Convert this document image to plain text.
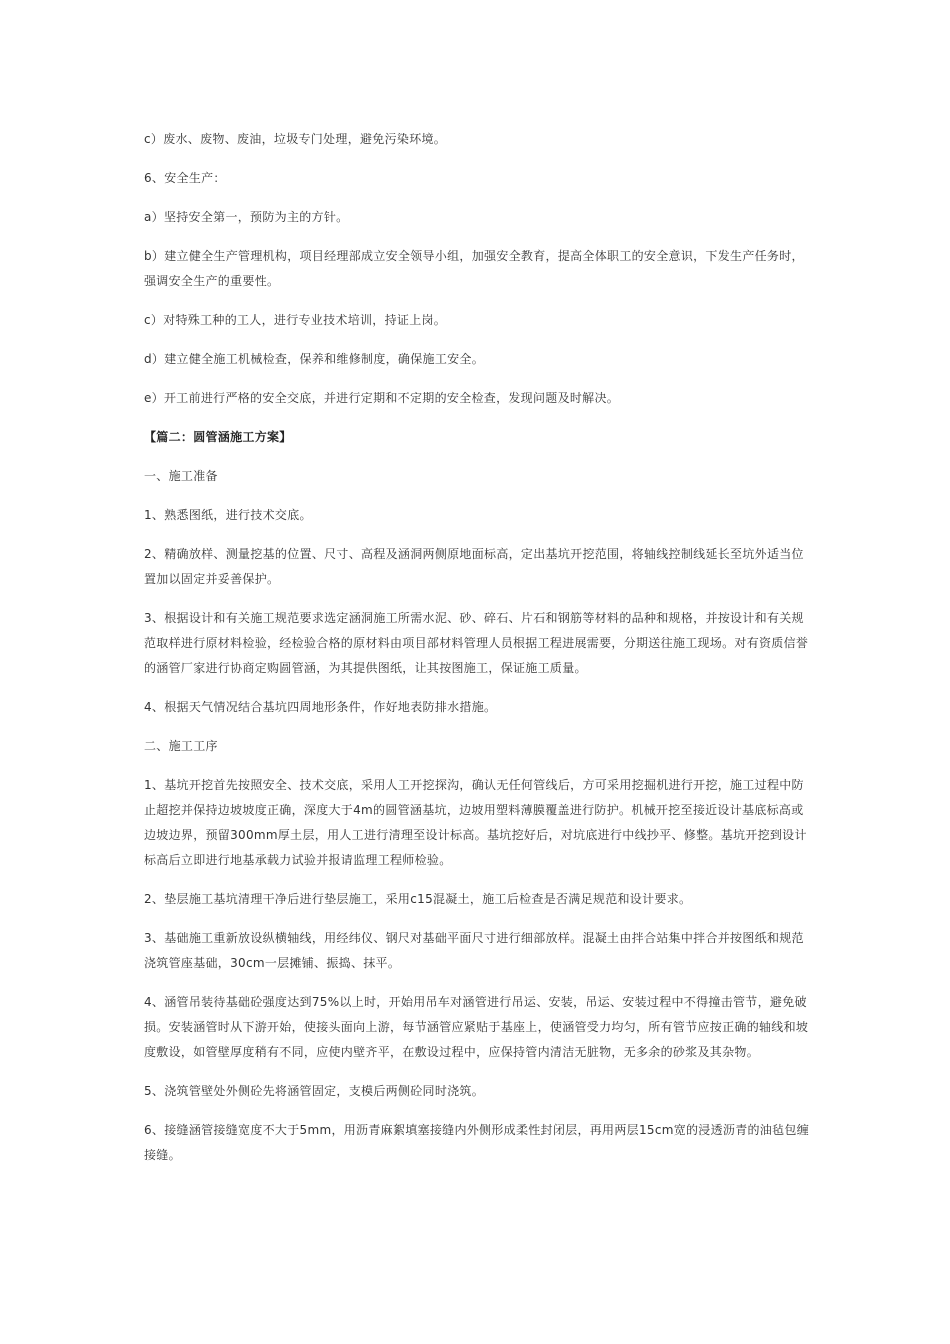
c）废水、废物、废油，垃圾专门处理，避免污染环境。

6、安全生产：

a）坚持安全第一，预防为主的方针。

b）建立健全生产管理机构，项目经理部成立安全领导小组，加强安全教育，提高全体职工的安全意识，下发生产任务时，强调安全生产的重要性。

c）对特殊工种的工人，进行专业技术培训，持证上岗。

d）建立健全施工机械检查，保养和维修制度，确保施工安全。

e）开工前进行严格的安全交底，并进行定期和不定期的安全检查，发现问题及时解决。

【篇二：圆管涵施工方案】

一、施工准备

1、熟悉图纸，进行技术交底。

2、精确放样、测量挖基的位置、尺寸、高程及涵洞两侧原地面标高，定出基坑开挖范围，将轴线控制线延长至坑外适当位置加以固定并妥善保护。

3、根据设计和有关施工规范要求选定涵洞施工所需水泥、砂、碎石、片石和钢筋等材料的品种和规格，并按设计和有关规范取样进行原材料检验，经检验合格的原材料由项目部材料管理人员根据工程进展需要，分期送往施工现场。对有资质信誉的涵管厂家进行协商定购圆管涵，为其提供图纸，让其按图施工，保证施工质量。

4、根据天气情况结合基坑四周地形条件，作好地表防排水措施。

二、施工工序

1、基坑开挖首先按照安全、技术交底，采用人工开挖探沟，确认无任何管线后，方可采用挖掘机进行开挖，施工过程中防止超挖并保持边坡坡度正确，深度大于4m的圆管涵基坑，边坡用塑料薄膜覆盖进行防护。机械开挖至接近设计基底标高或边坡边界，预留300mm厚土层，用人工进行清理至设计标高。基坑挖好后，对坑底进行中线抄平、修整。基坑开挖到设计标高后立即进行地基承载力试验并报请监理工程师检验。

2、垫层施工基坑清理干净后进行垫层施工，采用c15混凝土，施工后检查是否满足规范和设计要求。

3、基础施工重新放设纵横轴线，用经纬仪、钢尺对基础平面尺寸进行细部放样。混凝土由拌合站集中拌合并按图纸和规范浇筑管座基础，30cm一层摊铺、振捣、抹平。

4、涵管吊装待基础砼强度达到75%以上时，开始用吊车对涵管进行吊运、安装，吊运、安装过程中不得撞击管节，避免破损。安装涵管时从下游开始，使接头面向上游，每节涵管应紧贴于基座上，使涵管受力均匀，所有管节应按正确的轴线和坡度敷设，如管壁厚度稍有不同，应使内壁齐平，在敷设过程中，应保持管内清洁无脏物，无多余的砂浆及其杂物。

5、浇筑管壁处外侧砼先将涵管固定，支模后两侧砼同时浇筑。

6、接缝涵管接缝宽度不大于5mm，用沥青麻絮填塞接缝内外侧形成柔性封闭层，再用两层15cm宽的浸透沥青的油毡包缠接缝。
